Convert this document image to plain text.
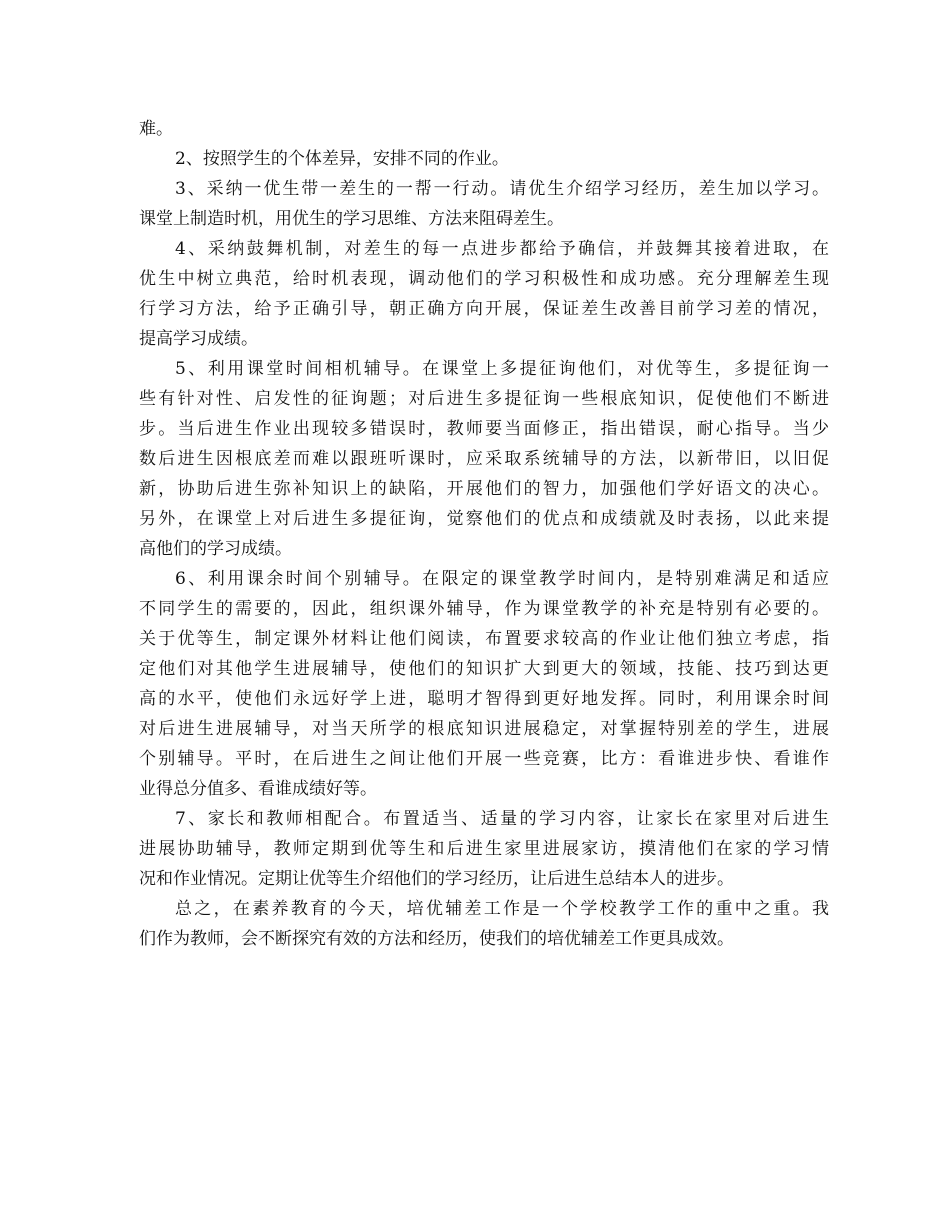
难。
2、按照学生的个体差异，安排不同的作业。
3、采纳一优生带一差生的一帮一行动。请优生介绍学习经历，差生加以学习。
课堂上制造时机，用优生的学习思维、方法来阻碍差生。
4、采纳鼓舞机制，对差生的每一点进步都给予确信，并鼓舞其接着进取，在
优生中树立典范，给时机表现，调动他们的学习积极性和成功感。充分理解差生现
行学习方法，给予正确引导，朝正确方向开展，保证差生改善目前学习差的情况，
提高学习成绩。
5、利用课堂时间相机辅导。在课堂上多提征询他们，对优等生，多提征询一
些有针对性、启发性的征询题；对后进生多提征询一些根底知识，促使他们不断进
步。当后进生作业出现较多错误时，教师要当面修正，指出错误，耐心指导。当少
数后进生因根底差而难以跟班听课时，应采取系统辅导的方法，以新带旧，以旧促
新，协助后进生弥补知识上的缺陷，开展他们的智力，加强他们学好语文的决心。
另外，在课堂上对后进生多提征询，觉察他们的优点和成绩就及时表扬，以此来提
高他们的学习成绩。
6、利用课余时间个别辅导。在限定的课堂教学时间内，是特别难满足和适应
不同学生的需要的，因此，组织课外辅导，作为课堂教学的补充是特别有必要的。
关于优等生，制定课外材料让他们阅读，布置要求较高的作业让他们独立考虑，指
定他们对其他学生进展辅导，使他们的知识扩大到更大的领域，技能、技巧到达更
高的水平，使他们永远好学上进，聪明才智得到更好地发挥。同时，利用课余时间
对后进生进展辅导，对当天所学的根底知识进展稳定，对掌握特别差的学生，进展
个别辅导。平时，在后进生之间让他们开展一些竞赛，比方：看谁进步快、看谁作
业得总分值多、看谁成绩好等。
7、家长和教师相配合。布置适当、适量的学习内容，让家长在家里对后进生
进展协助辅导，教师定期到优等生和后进生家里进展家访，摸清他们在家的学习情
况和作业情况。定期让优等生介绍他们的学习经历，让后进生总结本人的进步。
总之，在素养教育的今天，培优辅差工作是一个学校教学工作的重中之重。我
们作为教师，会不断探究有效的方法和经历，使我们的培优辅差工作更具成效。
